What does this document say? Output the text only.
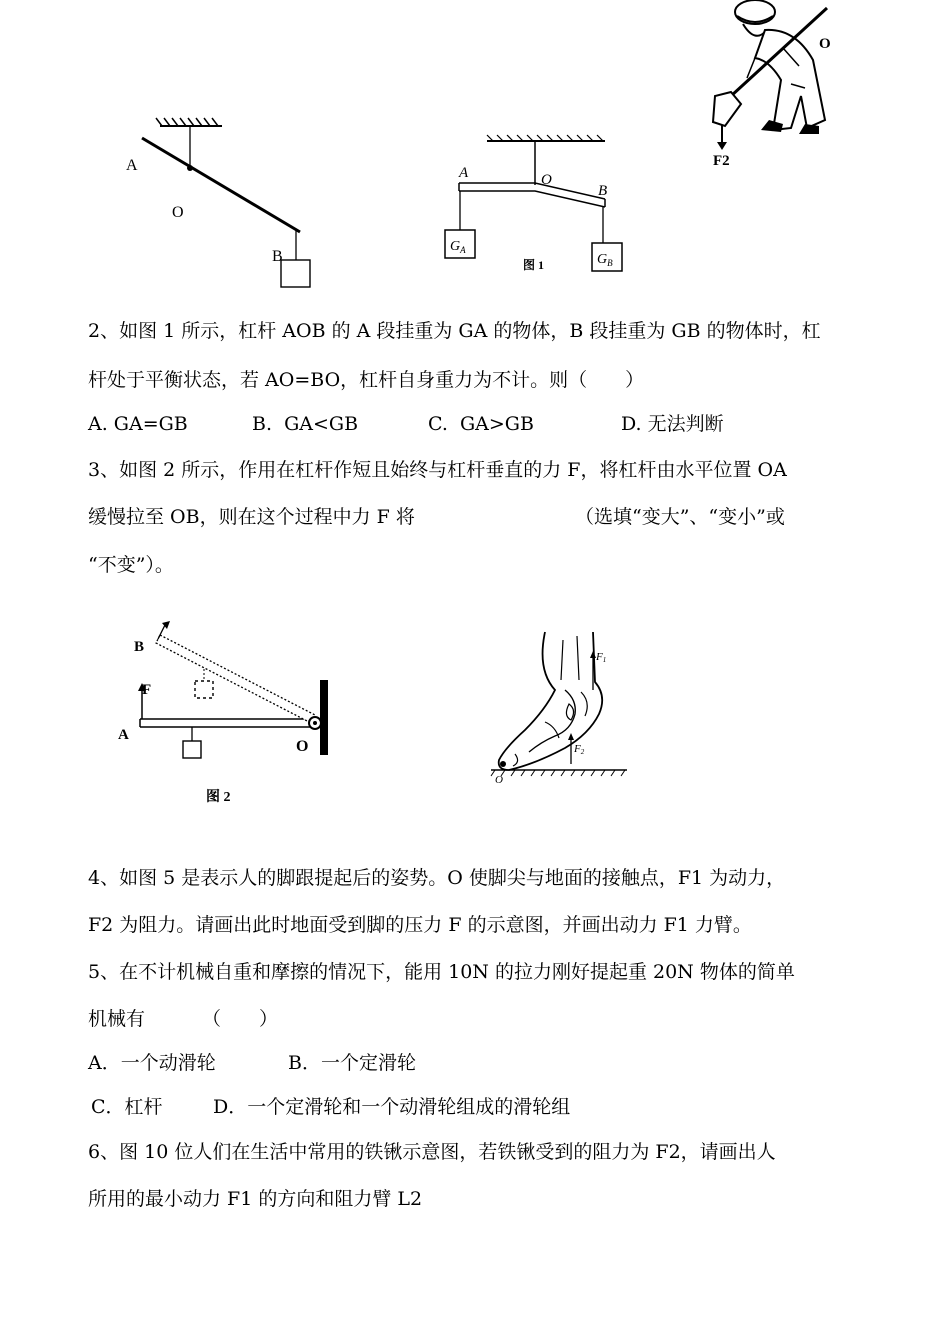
A
O
B
A	O
B
$G_A$
$G_B$
图 1
O
F2
B
F
A
O
图 2
F1
F2
O
2、如图 1 所示，杠杆 AOB 的 A 段挂重为 GA 的物体，B 段挂重为 GB 的物体时，杠
杆处于平衡状态，若 AO=BO，杠杆自身重力为不计。则（　　）
A. GA=GB	B.  GA<GB	C.  GA>GB	D. 无法判断
3、如图 2 所示，作用在杠杆作短且始终与杠杆垂直的力 F，将杠杆由水平位置 OA
缓慢拉至 OB，则在这个过程中力 F 将	（选填“变大”、“变小”或
“不变”）。
4、如图 5 是表示人的脚跟提起后的姿势。O 使脚尖与地面的接触点，F1 为动力，
F2 为阻力。请画出此时地面受到脚的压力 F 的示意图，并画出动力 F1 力臂。
5、在不计机械自重和摩擦的情况下，能用 10N 的拉力刚好提起重 20N 物体的简单
机械有	（　　）
A．一个动滑轮	B．一个定滑轮
C．杠杆	D．一个定滑轮和一个动滑轮组成的滑轮组
6、图 10 位人们在生活中常用的铁锹示意图，若铁锹受到的阻力为 F2，请画出人
所用的最小动力 F1 的方向和阻力臂 L2
